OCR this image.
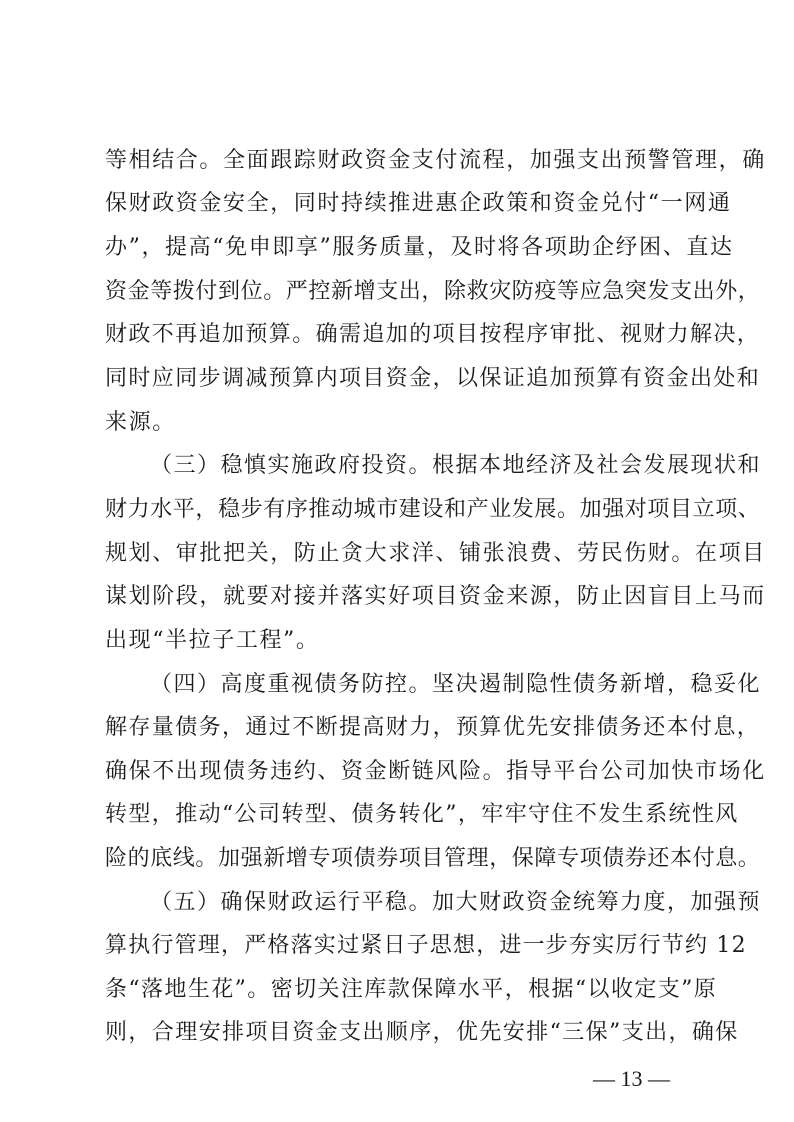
等相结合。全面跟踪财政资金支付流程，加强支出预警管理，确
保财政资金安全，同时持续推进惠企政策和资金兑付“一网通
办”，提高“免申即享”服务质量，及时将各项助企纾困、直达
资金等拨付到位。严控新增支出，除救灾防疫等应急突发支出外，
财政不再追加预算。确需追加的项目按程序审批、视财力解决，
同时应同步调减预算内项目资金，以保证追加预算有资金出处和
来源。
（三）稳慎实施政府投资。根据本地经济及社会发展现状和
财力水平，稳步有序推动城市建设和产业发展。加强对项目立项、
规划、审批把关，防止贪大求洋、铺张浪费、劳民伤财。在项目
谋划阶段，就要对接并落实好项目资金来源，防止因盲目上马而
出现“半拉子工程”。
（四）高度重视债务防控。坚决遏制隐性债务新增，稳妥化
解存量债务，通过不断提高财力，预算优先安排债务还本付息，
确保不出现债务违约、资金断链风险。指导平台公司加快市场化
转型，推动“公司转型、债务转化”，牢牢守住不发生系统性风
险的底线。加强新增专项债券项目管理，保障专项债券还本付息。
（五）确保财政运行平稳。加大财政资金统筹力度，加强预
算执行管理，严格落实过紧日子思想，进一步夯实厉行节约 12
条“落地生花”。密切关注库款保障水平，根据“以收定支”原
则，合理安排项目资金支出顺序，优先安排“三保”支出，确保
— 13 —
